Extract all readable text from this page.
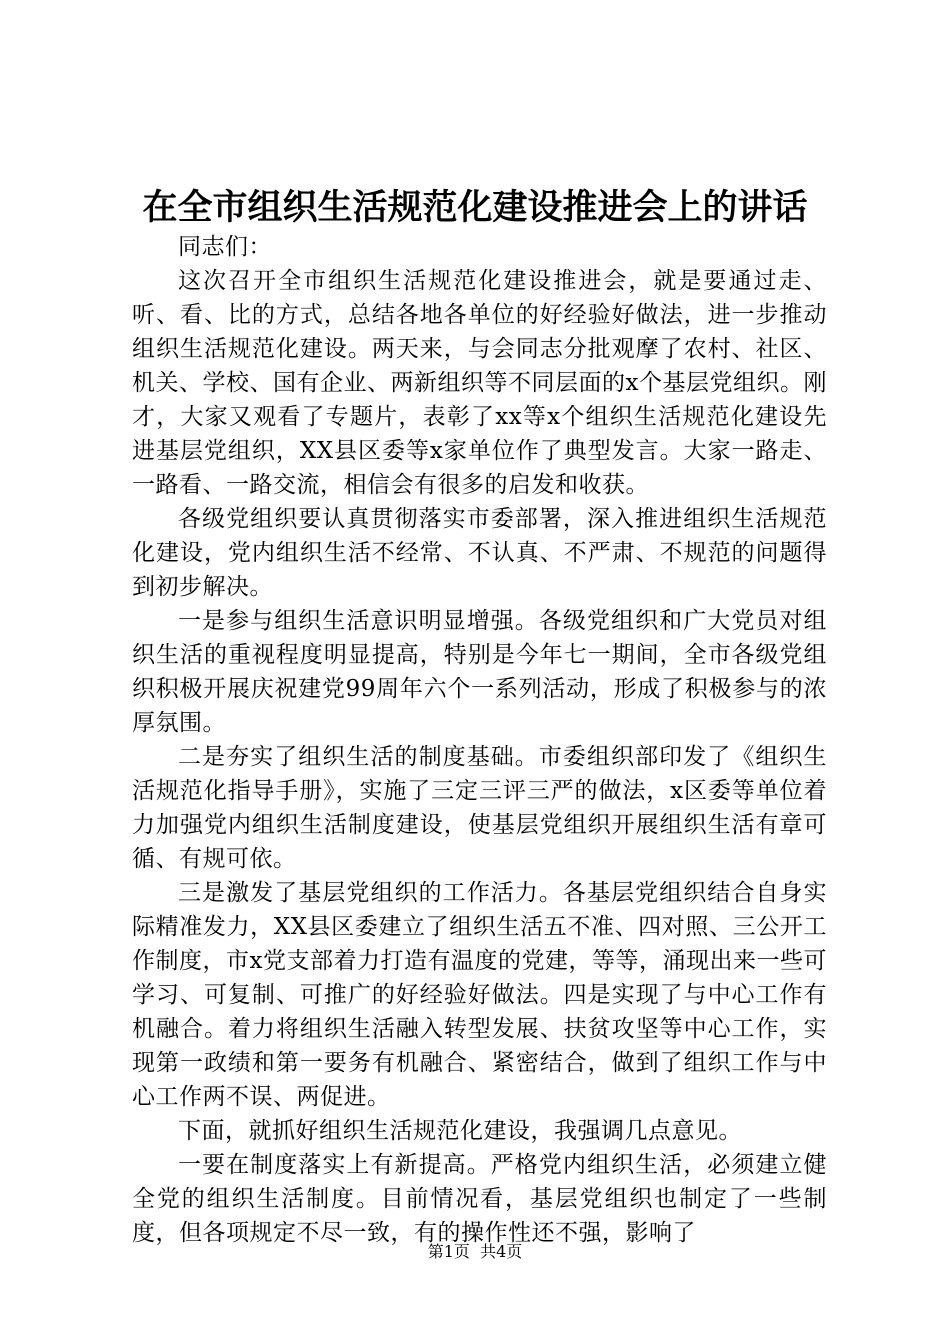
在全市组织生活规范化建设推进会上的讲话

同志们：

这次召开全市组织生活规范化建设推进会，就是要通过走、听、看、比的方式，总结各地各单位的好经验好做法，进一步推动组织生活规范化建设。两天来，与会同志分批观摩了农村、社区、机关、学校、国有企业、两新组织等不同层面的x个基层党组织。刚才，大家又观看了专题片，表彰了xx等x个组织生活规范化建设先进基层党组织，XX县区委等x家单位作了典型发言。大家一路走、一路看、一路交流，相信会有很多的启发和收获。

各级党组织要认真贯彻落实市委部署，深入推进组织生活规范化建设，党内组织生活不经常、不认真、不严肃、不规范的问题得到初步解决。

一是参与组织生活意识明显增强。各级党组织和广大党员对组织生活的重视程度明显提高，特别是今年七一期间，全市各级党组织积极开展庆祝建党99周年六个一系列活动，形成了积极参与的浓厚氛围。

二是夯实了组织生活的制度基础。市委组织部印发了《组织生活规范化指导手册》，实施了三定三评三严的做法，x区委等单位着力加强党内组织生活制度建设，使基层党组织开展组织生活有章可循、有规可依。

三是激发了基层党组织的工作活力。各基层党组织结合自身实际精准发力，XX县区委建立了组织生活五不准、四对照、三公开工作制度，市x党支部着力打造有温度的党建，等等，涌现出来一些可学习、可复制、可推广的好经验好做法。四是实现了与中心工作有机融合。着力将组织生活融入转型发展、扶贫攻坚等中心工作，实现第一政绩和第一要务有机融合、紧密结合，做到了组织工作与中心工作两不误、两促进。

下面，就抓好组织生活规范化建设，我强调几点意见。

一要在制度落实上有新提高。严格党内组织生活，必须建立健全党的组织生活制度。目前情况看，基层党组织也制定了一些制度，但各项规定不尽一致，有的操作性还不强，影响了

第1页 共4页
